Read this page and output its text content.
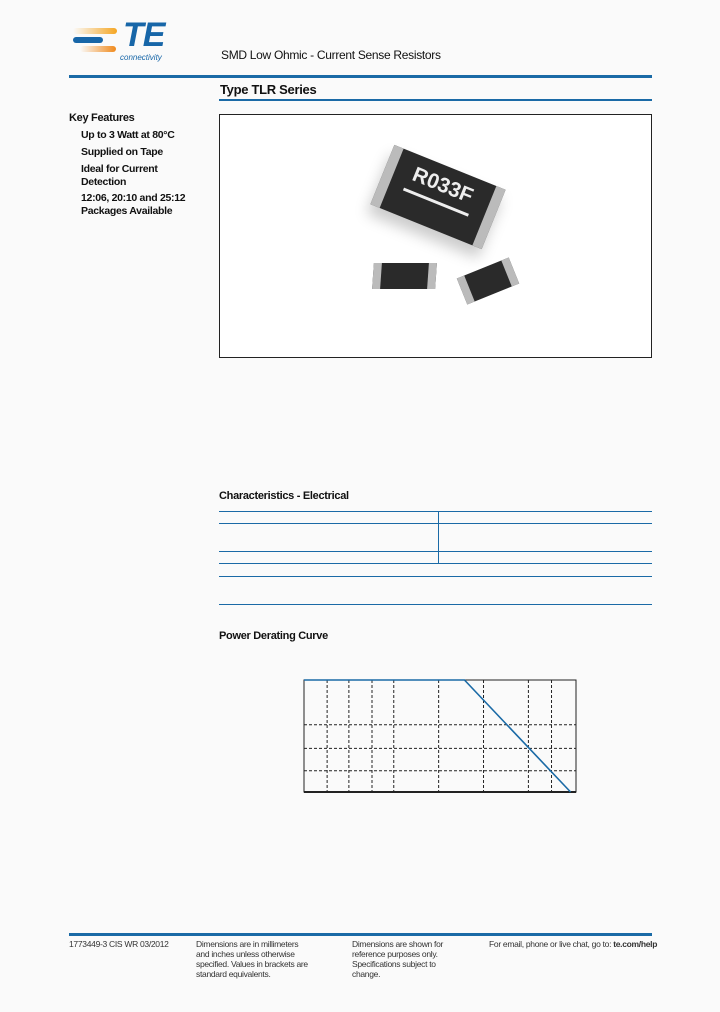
TE
connectivity	SMD Low Ohmic - Current Sense Resistors
Type TLR Series
Key Features
Up to 3 Watt at 80°C
Supplied on Tape
Ideal for Current Detection
12:06, 20:10 and 25:12 Packages Available
R033F
Characteristics - Electrical
Power Derating Curve
1773449-3 CIS WR 03/2012	Dimensions are in millimeters and inches unless otherwise specified. Values in brackets are standard equivalents.
Dimensions are shown for reference purposes only. Specifications subject to change.
For email, phone or live chat, go to: te.com/help
